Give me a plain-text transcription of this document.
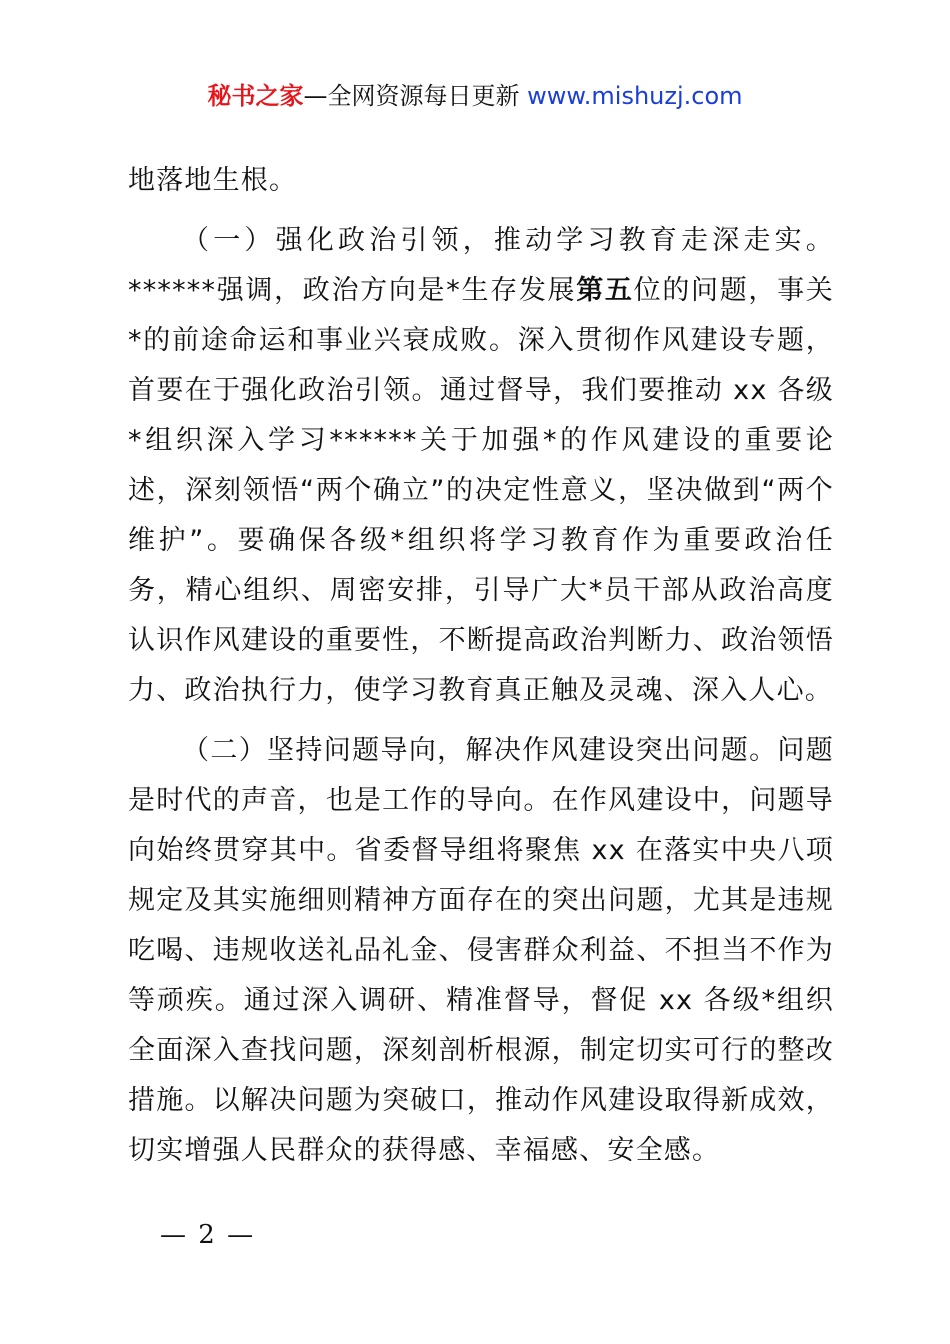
秘书之家—全网资源每日更新 www.mishuzj.com

地落地生根。

（一）强化政治引领，推动学习教育走深走实。******强调，政治方向是*生存发展第五位的问题，事关*的前途命运和事业兴衰成败。深入贯彻作风建设专题，首要在于强化政治引领。通过督导，我们要推动 xx 各级*组织深入学习******关于加强*的作风建设的重要论述，深刻领悟“两个确立”的决定性意义，坚决做到“两个维护”。要确保各级*组织将学习教育作为重要政治任务，精心组织、周密安排，引导广大*员干部从政治高度认识作风建设的重要性，不断提高政治判断力、政治领悟力、政治执行力，使学习教育真正触及灵魂、深入人心。

（二）坚持问题导向，解决作风建设突出问题。问题是时代的声音，也是工作的导向。在作风建设中，问题导向始终贯穿其中。省委督导组将聚焦 xx 在落实中央八项规定及其实施细则精神方面存在的突出问题，尤其是违规吃喝、违规收送礼品礼金、侵害群众利益、不担当不作为等顽疾。通过深入调研、精准督导，督促 xx 各级*组织全面深入查找问题，深刻剖析根源，制定切实可行的整改措施。以解决问题为突破口，推动作风建设取得新成效，切实增强人民群众的获得感、幸福感、安全感。

— 2 —
